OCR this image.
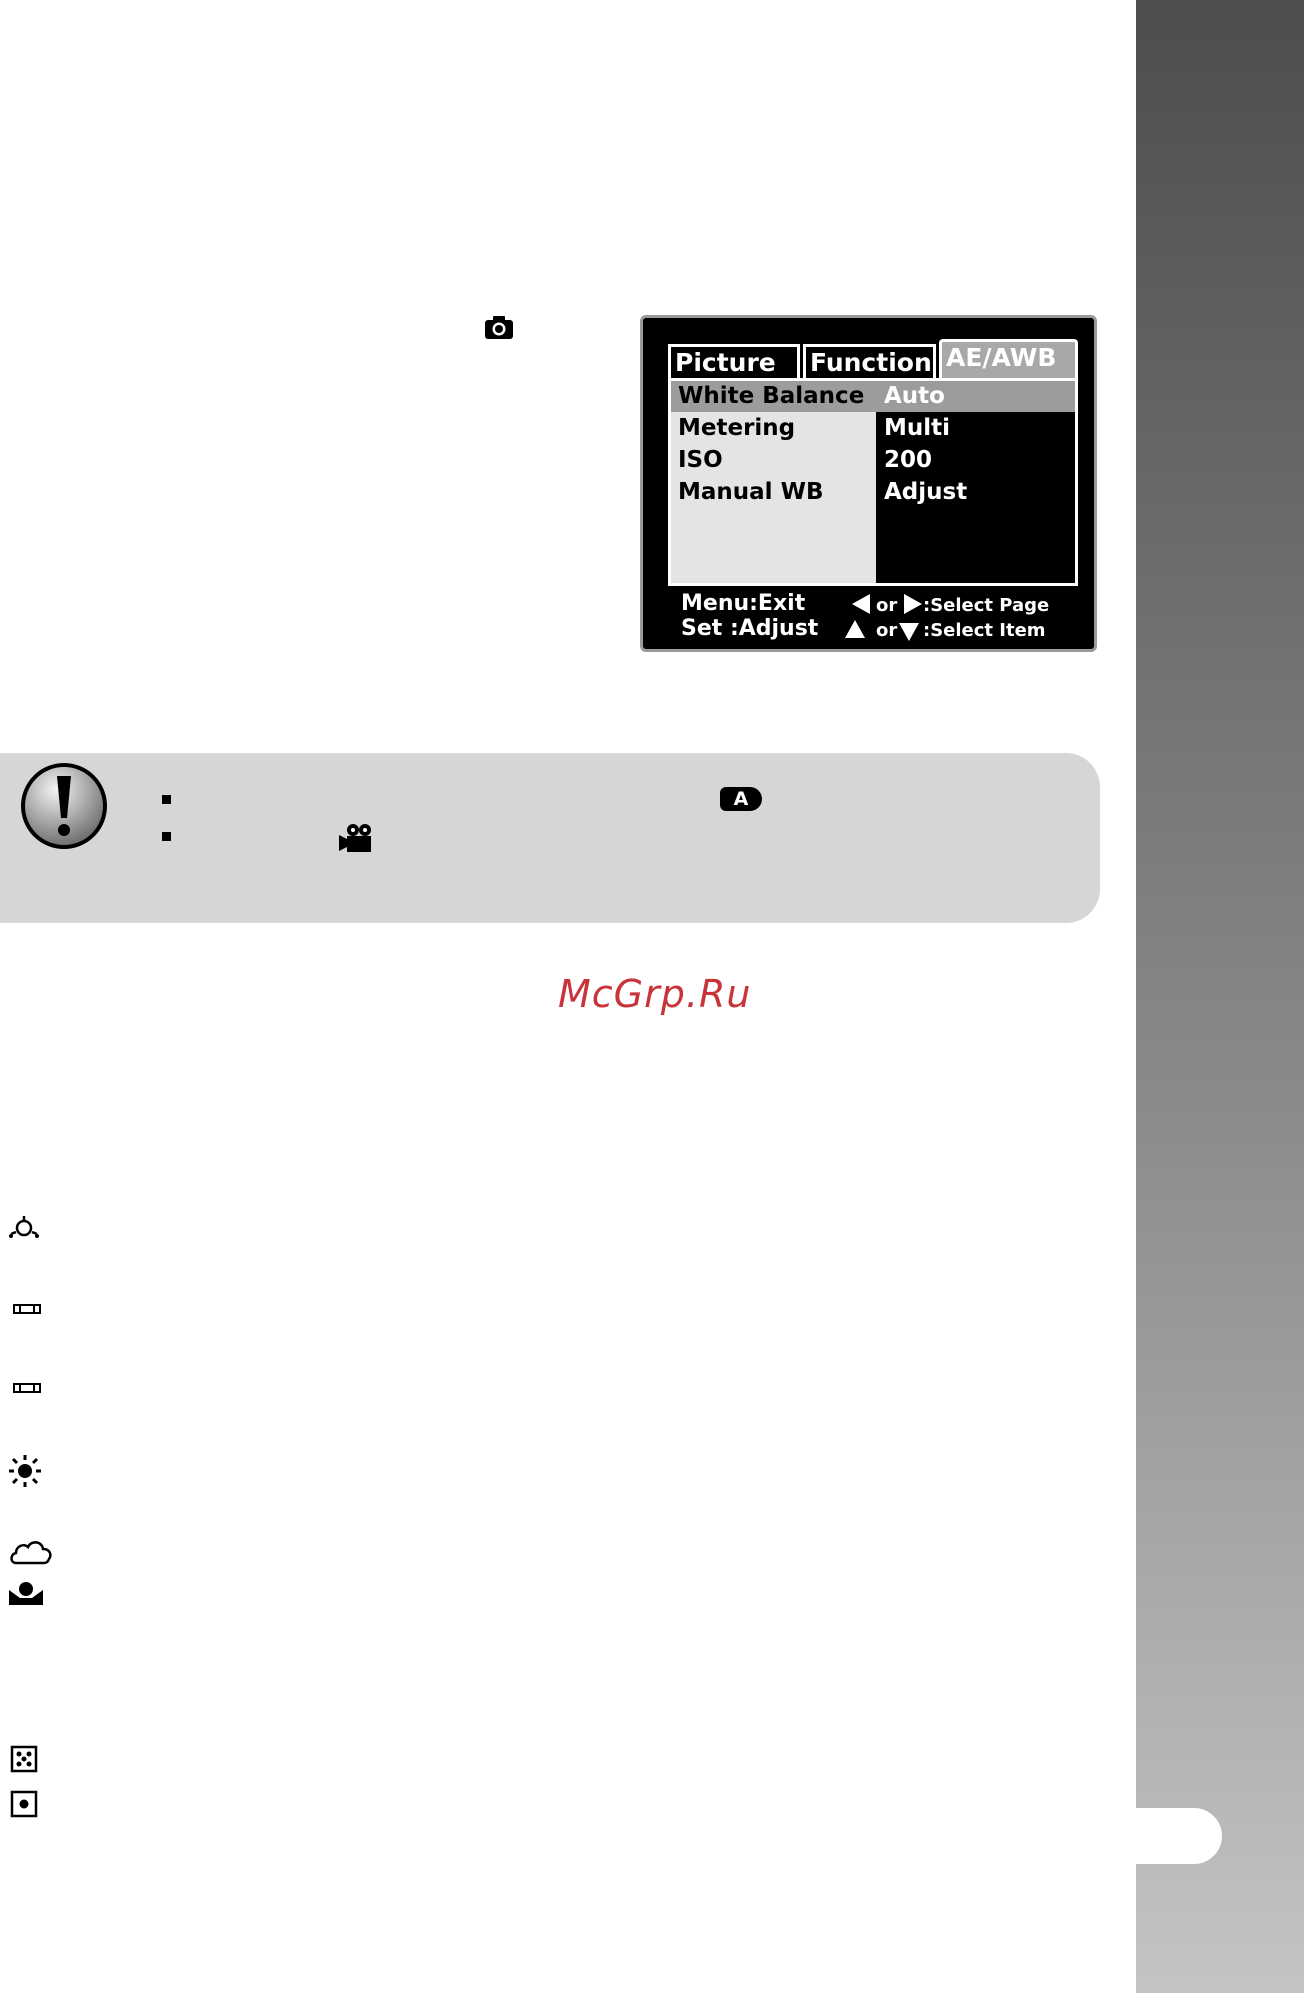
Picture	Function AE/AWB
White Balance Auto
Metering	Multi
ISO	200
Manual WB	Adjust
Menu:Exit
Set :Adjust
or :Select Page
or :Select Item
A
McGrp.Ru
